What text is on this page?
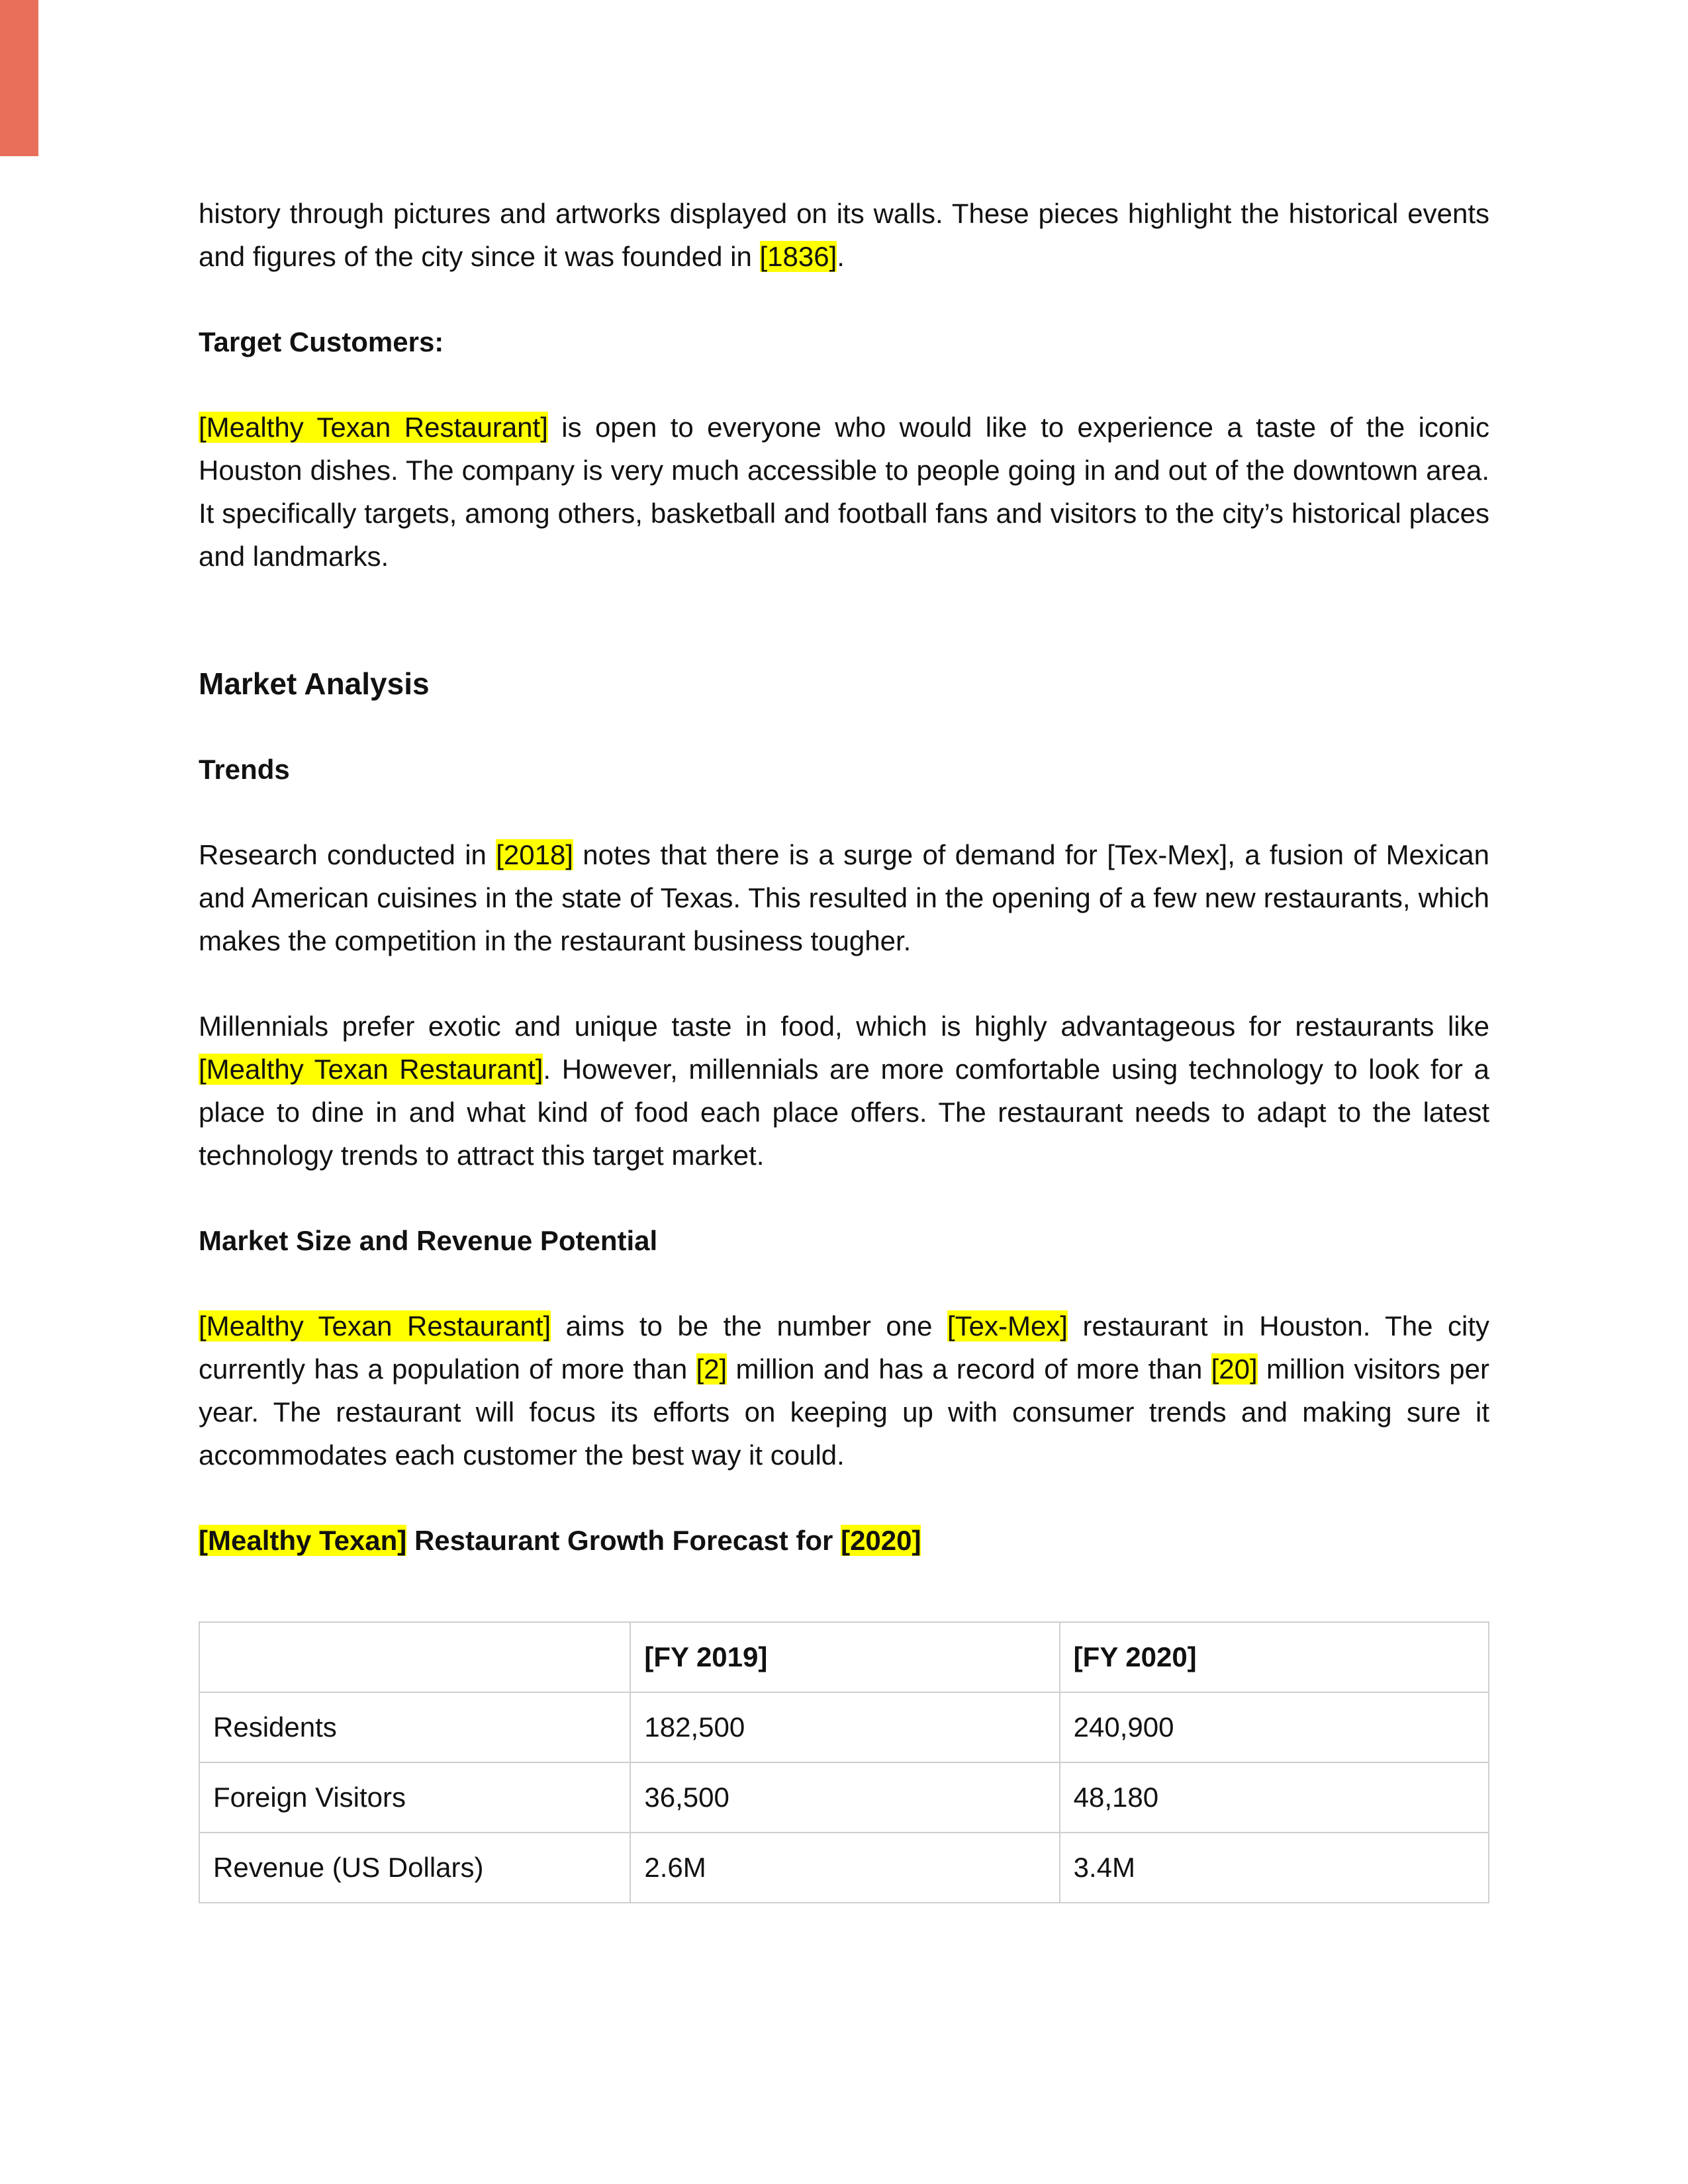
history through pictures and artworks displayed on its walls. These pieces highlight the historical events and figures of the city since it was founded in [1836].

Target Customers:

[Mealthy Texan Restaurant] is open to everyone who would like to experience a taste of the iconic Houston dishes. The company is very much accessible to people going in and out of the downtown area. It specifically targets, among others, basketball and football fans and visitors to the city’s historical places and landmarks.

Market Analysis
Trends

Research conducted in [2018] notes that there is a surge of demand for [Tex-Mex], a fusion of Mexican and American cuisines in the state of Texas. This resulted in the opening of a few new restaurants, which makes the competition in the restaurant business tougher.

Millennials prefer exotic and unique taste in food, which is highly advantageous for restaurants like [Mealthy Texan Restaurant]. However, millennials are more comfortable using technology to look for a place to dine in and what kind of food each place offers. The restaurant needs to adapt to the latest technology trends to attract this target market.

Market Size and Revenue Potential

[Mealthy Texan Restaurant] aims to be the number one [Tex-Mex] restaurant in Houston. The city currently has a population of more than [2] million and has a record of more than [20] million visitors per year. The restaurant will focus its efforts on keeping up with consumer trends and making sure it accommodates each customer the best way it could.

[Mealthy Texan] Restaurant Growth Forecast for [2020]
	[FY 2019]	[FY 2020]
Residents	182,500	240,900
Foreign Visitors	36,500	48,180
Revenue (US Dollars)	2.6M	3.4M
